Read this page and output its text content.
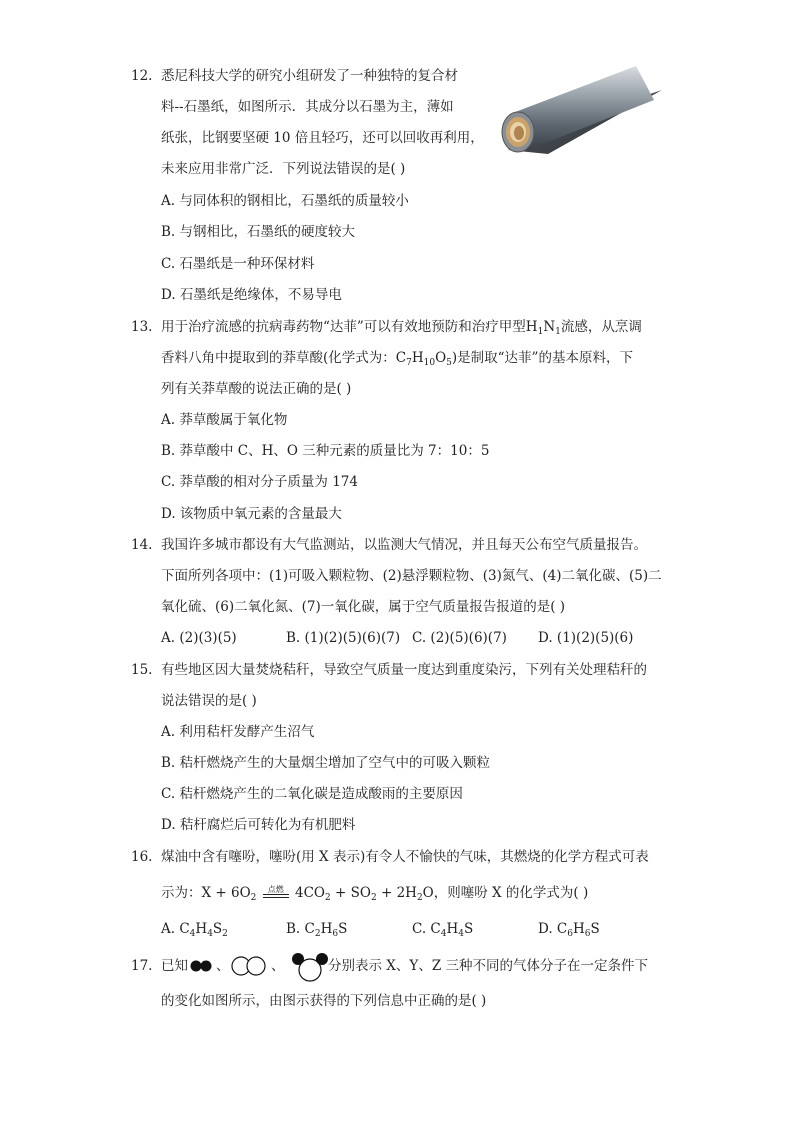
12. 悉尼科技大学的研究小组研发了一种独特的复合材
料--石墨纸，如图所示．其成分以石墨为主，薄如
纸张，比钢要坚硬 10 倍且轻巧，还可以回收再利用，
未来应用非常广泛．下列说法错误的是( )
A. 与同体积的钢相比，石墨纸的质量较小
B. 与钢相比，石墨纸的硬度较大
C. 石墨纸是一种环保材料
D. 石墨纸是绝缘体，不易导电
13. 用于治疗流感的抗病毒药物“达菲”可以有效地预防和治疗甲型$H_1N_1$流感，从烹调
香料八角中提取到的莽草酸(化学式为：$C_7H_{10}O_5$)是制取“达菲”的基本原料，下
列有关莽草酸的说法正确的是( )
A. 莽草酸属于氧化物
B. 莽草酸中 C、H、O 三种元素的质量比为 7：10：5
C. 莽草酸的相对分子质量为 174
D. 该物质中氧元素的含量最大
14. 我国许多城市都设有大气监测站，以监测大气情况，并且每天公布空气质量报告。
下面所列各项中：(1)可吸入颗粒物、(2)悬浮颗粒物、(3)氮气、(4)二氧化碳、(5)二
氧化硫、(6)二氧化氮、(7)一氧化碳，属于空气质量报告报道的是( )
A. (2)(3)(5)	B. (1)(2)(5)(6)(7) C. (2)(5)(6)(7) D. (1)(2)(5)(6)
15. 有些地区因大量焚烧秸秆，导致空气质量一度达到重度染污，下列有关处理秸秆的
说法错误的是( )
A. 利用秸杆发酵产生沼气
B. 秸杆燃烧产生的大量烟尘增加了空气中的可吸入颗粒
C. 秸杆燃烧产生的二氧化碳是造成酸雨的主要原因
D. 秸杆腐烂后可转化为有机肥料
16. 煤油中含有噻吩，噻吩(用 X 表示)有令人不愉快的气味，其燃烧的化学方程式可表
示为：$X + 6O_2$
点燃 $4CO_2 + SO_2 + 2H_2O$，则噻吩 X 的化学式为( )
A. $C_4H_4S_2$	B. $C_2H_6S$	C. $C_4H_4S$	D. $C_6H_6S$
17. 已知 、	、	分别表示 X、Y、Z 三种不同的气体分子在一定条件下
的变化如图所示，由图示获得的下列信息中正确的是( )
